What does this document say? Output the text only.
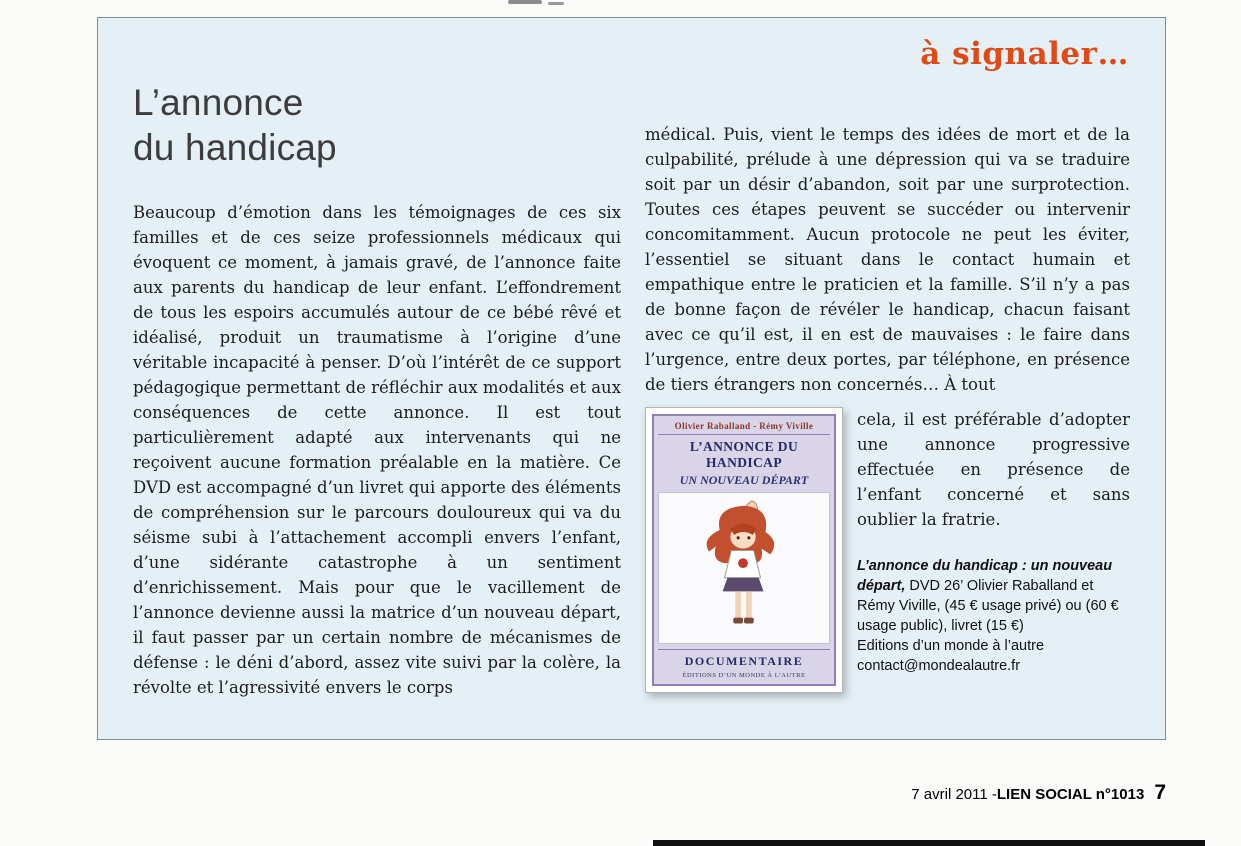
à signaler…
L’annonce
du handicap

Beaucoup d’émotion dans les témoignages de ces six familles et de ces seize professionnels médicaux qui évoquent ce moment, à jamais gravé, de l’annonce faite aux parents du handicap de leur enfant. L’effondrement de tous les espoirs accumulés autour de ce bébé rêvé et idéalisé, produit un traumatisme à l’origine d’une véritable incapacité à penser. D’où l’intérêt de ce support pédagogique permettant de réfléchir aux modalités et aux conséquences de cette annonce. Il est tout particulièrement adapté aux intervenants qui ne reçoivent aucune formation préalable en la matière. Ce DVD est accompagné d’un livret qui apporte des éléments de compréhension sur le parcours douloureux qui va du séisme subi à l’attachement accompli envers l’enfant, d’une sidérante catastrophe à un sentiment d’enrichissement. Mais pour que le vacillement de l’annonce devienne aussi la matrice d’un nouveau départ, il faut passer par un certain nombre de mécanismes de défense : le déni d’abord, assez vite suivi par la colère, la révolte et l’agressivité envers le corps

médical. Puis, vient le temps des idées de mort et de la culpabilité, prélude à une dépression qui va se traduire soit par un désir d’abandon, soit par une surprotection. Toutes ces étapes peuvent se succéder ou intervenir concomitamment. Aucun protocole ne peut les éviter, l’essentiel se situant dans le contact humain et empathique entre le praticien et la famille. S’il n’y a pas de bonne façon de révéler le handicap, chacun faisant avec ce qu’il est, il en est de mauvaises : le faire dans l’urgence, entre deux portes, par téléphone, en présence de tiers étrangers non concernés… À tout

Olivier Raballand - Rémy Viville
L’ANNONCE DU HANDICAP
UN NOUVEAU DÉPART
DOCUMENTAIRE
ÉDITIONS D’UN MONDE À L’AUTRE

cela, il est préférable d’adopter une annonce progressive effectuée en présence de l’enfant concerné et sans oublier la fratrie.

L’annonce du handicap : un nouveau départ, DVD 26’ Olivier Raballand et Rémy Viville, (45 € usage privé) ou (60 € usage public), livret (15 €)
Editions d’un monde à l’autre
contact@mondealautre.fr

7 avril 2011 - LIEN SOCIAL n°1013 7
